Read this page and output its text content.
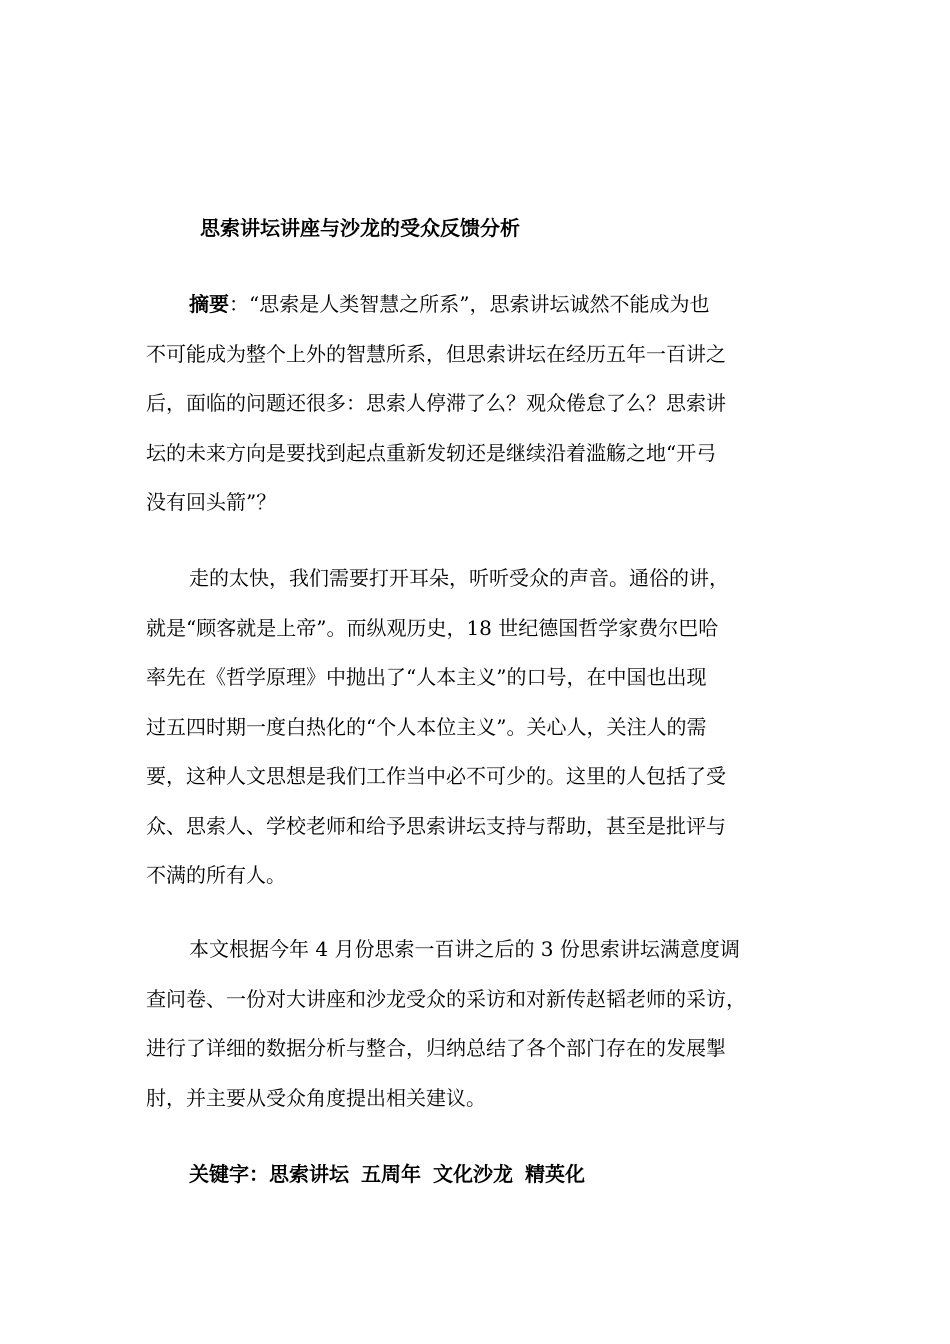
思索讲坛讲座与沙龙的受众反馈分析
摘要：“思索是人类智慧之所系”，思索讲坛诚然不能成为也
不可能成为整个上外的智慧所系，但思索讲坛在经历五年一百讲之
后，面临的问题还很多：思索人停滞了么？观众倦怠了么？思索讲
坛的未来方向是要找到起点重新发轫还是继续沿着滥觞之地“开弓
没有回头箭”？
走的太快，我们需要打开耳朵，听听受众的声音。通俗的讲，
就是“顾客就是上帝”。而纵观历史，18 世纪德国哲学家费尔巴哈
率先在《哲学原理》中抛出了“人本主义”的口号，在中国也出现
过五四时期一度白热化的“个人本位主义”。关心人，关注人的需
要，这种人文思想是我们工作当中必不可少的。这里的人包括了受
众、思索人、学校老师和给予思索讲坛支持与帮助，甚至是批评与
不满的所有人。
本文根据今年 4 月份思索一百讲之后的 3 份思索讲坛满意度调
查问卷、一份对大讲座和沙龙受众的采访和对新传赵韬老师的采访，
进行了详细的数据分析与整合，归纳总结了各个部门存在的发展掣
肘，并主要从受众角度提出相关建议。
关键字：思索讲坛 五周年 文化沙龙 精英化
